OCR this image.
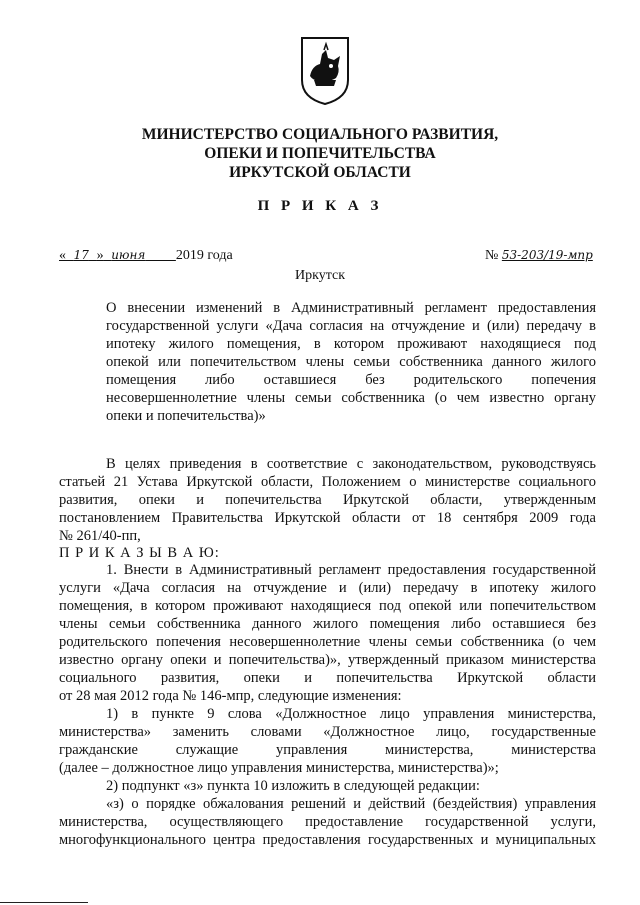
МИНИСТЕРСТВО СОЦИАЛЬНОГО РАЗВИТИЯ,
ОПЕКИ И ПОПЕЧИТЕЛЬСТВА
ИРКУТСКОЙ ОБЛАСТИ
П Р И К А З
« 17 » июня 2019 года	№ 53-203/19-мпр
Иркутск
О внесении изменений в Административный регламент предоставления
государственной услуги «Дача согласия на отчуждение и (или) передачу в
ипотеку жилого помещения, в котором проживают находящиеся под
опекой или попечительством члены семьи собственника данного жилого
помещения либо оставшиеся без родительского попечения
несовершеннолетние члены семьи собственника (о чем известно органу
опеки и попечительства)»
В целях приведения в соответствие с законодательством, руководствуясь
статьей 21 Устава Иркутской области, Положением о министерстве социального
развития, опеки и попечительства Иркутской области, утвержденным
постановлением Правительства Иркутской области от 18 сентября 2009 года
№ 261/40-пп,
П Р И К А З Ы В А Ю:
1. Внести в Административный регламент предоставления государственной
услуги «Дача согласия на отчуждение и (или) передачу в ипотеку жилого
помещения, в котором проживают находящиеся под опекой или попечительством
члены семьи собственника данного жилого помещения либо оставшиеся без
родительского попечения несовершеннолетние члены семьи собственника (о чем
известно органу опеки и попечительства)», утвержденный приказом министерства
социального развития, опеки и попечительства Иркутской области
от 28 мая 2012 года № 146-мпр, следующие изменения:
1) в пункте 9 слова «Должностное лицо управления министерства,
министерства» заменить словами «Должностное лицо, государственные
гражданские служащие управления министерства, министерства
(далее – должностное лицо управления министерства, министерства)»;
2) подпункт «з» пункта 10 изложить в следующей редакции:
«з) о порядке обжалования решений и действий (бездействия) управления
министерства, осуществляющего предоставление государственной услуги,
многофункционального центра предоставления государственных и муниципальных
